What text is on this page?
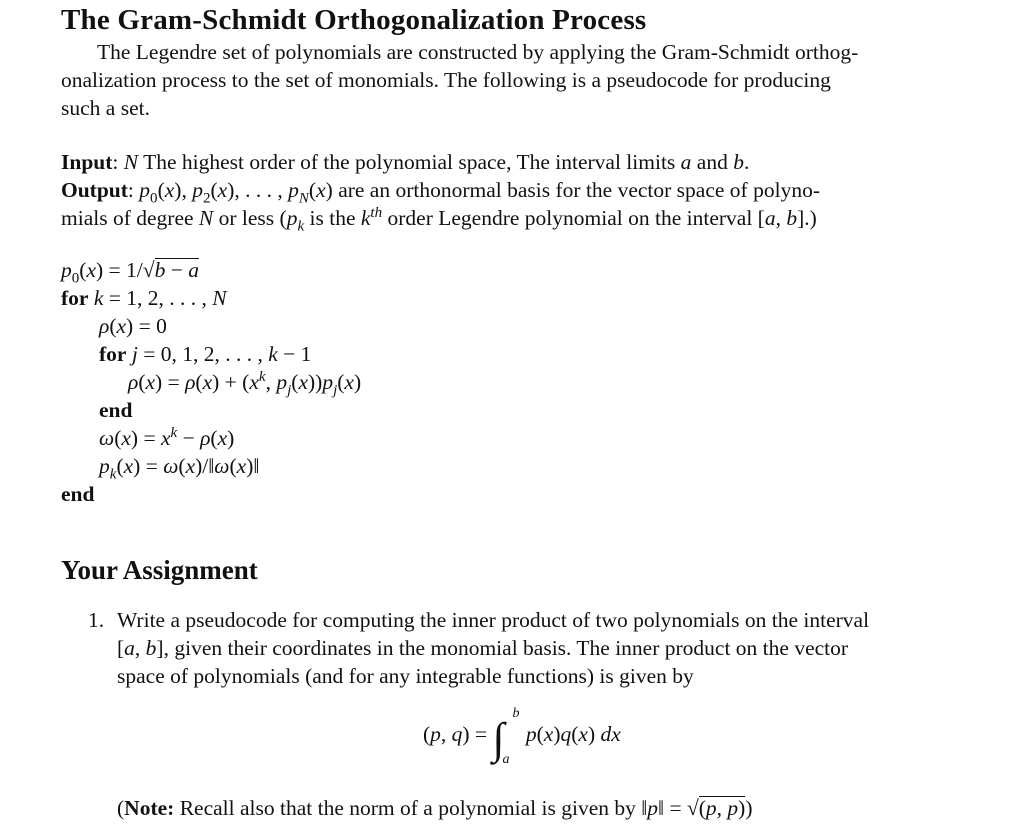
The Gram-Schmidt Orthogonalization Process
The Legendre set of polynomials are constructed by applying the Gram-Schmidt orthog-
onalization process to the set of monomials. The following is a pseudocode for producing
such a set.
Input: N The highest order of the polynomial space, The interval limits a and b.
Output: $p_0(x)$, $p_2(x)$, . . . , $p_N(x)$ are an orthonormal basis for the vector space of polyno-
mials of degree N or less ($p_k$ is the $k^{th}$ order Legendre polynomial on the interval [a, b].)
$p_0(x) = 1/√b - a$
for k = 1, 2, . . . , N
ρ(x) = 0
for j = 0, 1, 2, . . . , k − 1
$\rho(x) = \rho(x) + (x^k$, $p_j(x))p_j(x)$
end
$\omega(x) = x^k - \rho(x)$
$p_k(x)$ = ω(x)/‖ω(x)‖
end
Your Assignment
1. Write a pseudocode for computing the inner product of two polynomials on the interval
[a, b], given their coordinates in the monomial basis. The inner product on the vector
space of polynomials (and for any integrable functions) is given by
(p, q) = ∫
b
a
p(x)q(x) dx
(Note: Recall also that the norm of a polynomial is given by ‖p‖ = √(p, p))
